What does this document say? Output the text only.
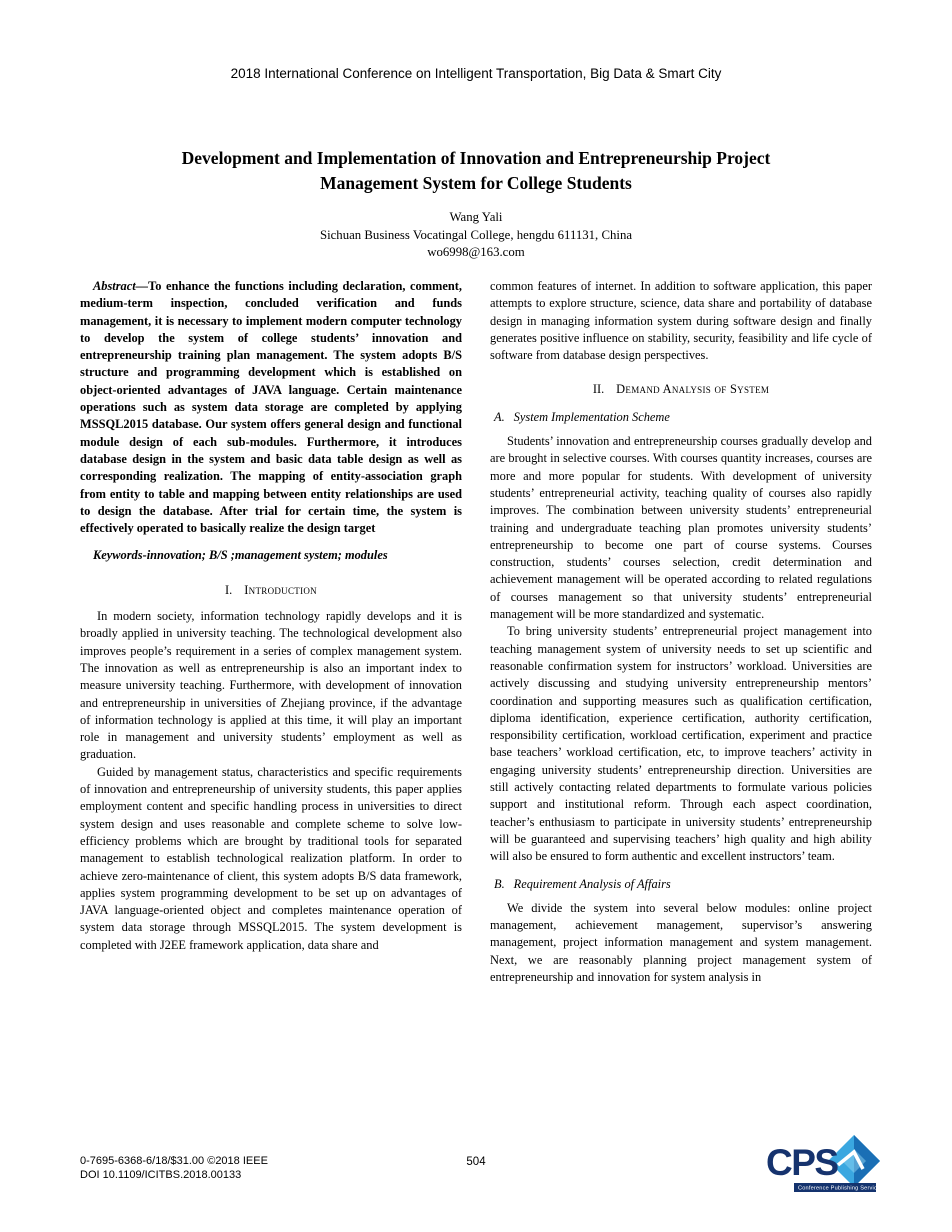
2018 International Conference on Intelligent Transportation, Big Data & Smart City
Development and Implementation of Innovation and Entrepreneurship Project Management System for College Students
Wang Yali
Sichuan Business Vocatingal College, hengdu 611131, China
wo6998@163.com

Abstract—To enhance the functions including declaration, comment, medium-term inspection, concluded verification and funds management, it is necessary to implement modern computer technology to develop the system of college students’ innovation and entrepreneurship training plan management. The system adopts B/S structure and programming development which is established on object-oriented advantages of JAVA language. Certain maintenance operations such as system data storage are completed by applying MSSQL2015 database. Our system offers general design and functional module design of each sub-modules. Furthermore, it introduces database design in the system and basic data table design as well as corresponding realization. The mapping of entity-association graph from entity to table and mapping between entity relationships are used to design the database. After trial for certain time, the system is effectively operated to basically realize the design target

Keywords-innovation; B/S ;management system; modules

I. Introduction

In modern society, information technology rapidly develops and it is broadly applied in university teaching. The technological development also improves people’s requirement in a series of complex management system. The innovation as well as entrepreneurship is also an important index to measure university teaching. Furthermore, with development of innovation and entrepreneurship in universities of Zhejiang province, if the advantage of information technology is applied at this time, it will play an important role in management and university students’ employment as well as graduation.

Guided by management status, characteristics and specific requirements of innovation and entrepreneurship of university students, this paper applies employment content and specific handling process in universities to direct system design and uses reasonable and complete scheme to solve low-efficiency problems which are brought by traditional tools for separated management to establish technological realization platform. In order to achieve zero-maintenance of client, this system adopts B/S data framework, applies system programming development to be set up on advantages of JAVA language-oriented object and completes maintenance operation of system data storage through MSSQL2015. The system development is completed with J2EE framework application, data share and

common features of internet. In addition to software application, this paper attempts to explore structure, science, data share and portability of database design in managing information system during software design and finally generates positive influence on stability, security, feasibility and life cycle of software from database design perspectives.

II. Demand Analysis of System

A. System Implementation Scheme

Students’ innovation and entrepreneurship courses gradually develop and are brought in selective courses. With courses quantity increases, courses are more and more popular for students. With development of university students’ entrepreneurial activity, teaching quality of courses also rapidly improves. The combination between university students’ entrepreneurial training and undergraduate teaching plan promotes university students’ entrepreneurship to become one part of course systems. Courses construction, students’ courses selection, credit determination and achievement management will be operated according to related regulations of courses management so that university students’ entrepreneurial management will be more standardized and systematic.

To bring university students’ entrepreneurial project management into teaching management system of university needs to set up scientific and reasonable confirmation system for instructors’ workload. Universities are actively discussing and studying university entrepreneurship mentors’ coordination and supporting measures such as qualification certification, diploma identification, experience certification, authority certification, responsibility certification, workload certification, experiment and practice base teachers’ workload certification, etc, to improve teachers’ activity in engaging university students’ entrepreneurship direction. Universities are still actively contacting related departments to formulate various policies support and institutional reform. Through each aspect coordination, teacher’s enthusiasm to participate in university students’ entrepreneurship will be guaranteed and supervising teachers’ high quality and high ability will also be ensured to form authentic and excellent instructors’ team.

B. Requirement Analysis of Affairs

We divide the system into several below modules: online project management, achievement management, supervisor’s answering management, project information management and system management. Next, we are reasonably planning project management system of entrepreneurship and innovation for system analysis in

0-7695-6368-6/18/$31.00 ©2018 IEEE
DOI 10.1109/ICITBS.2018.00133
504	CPS
Conference Publishing Services
